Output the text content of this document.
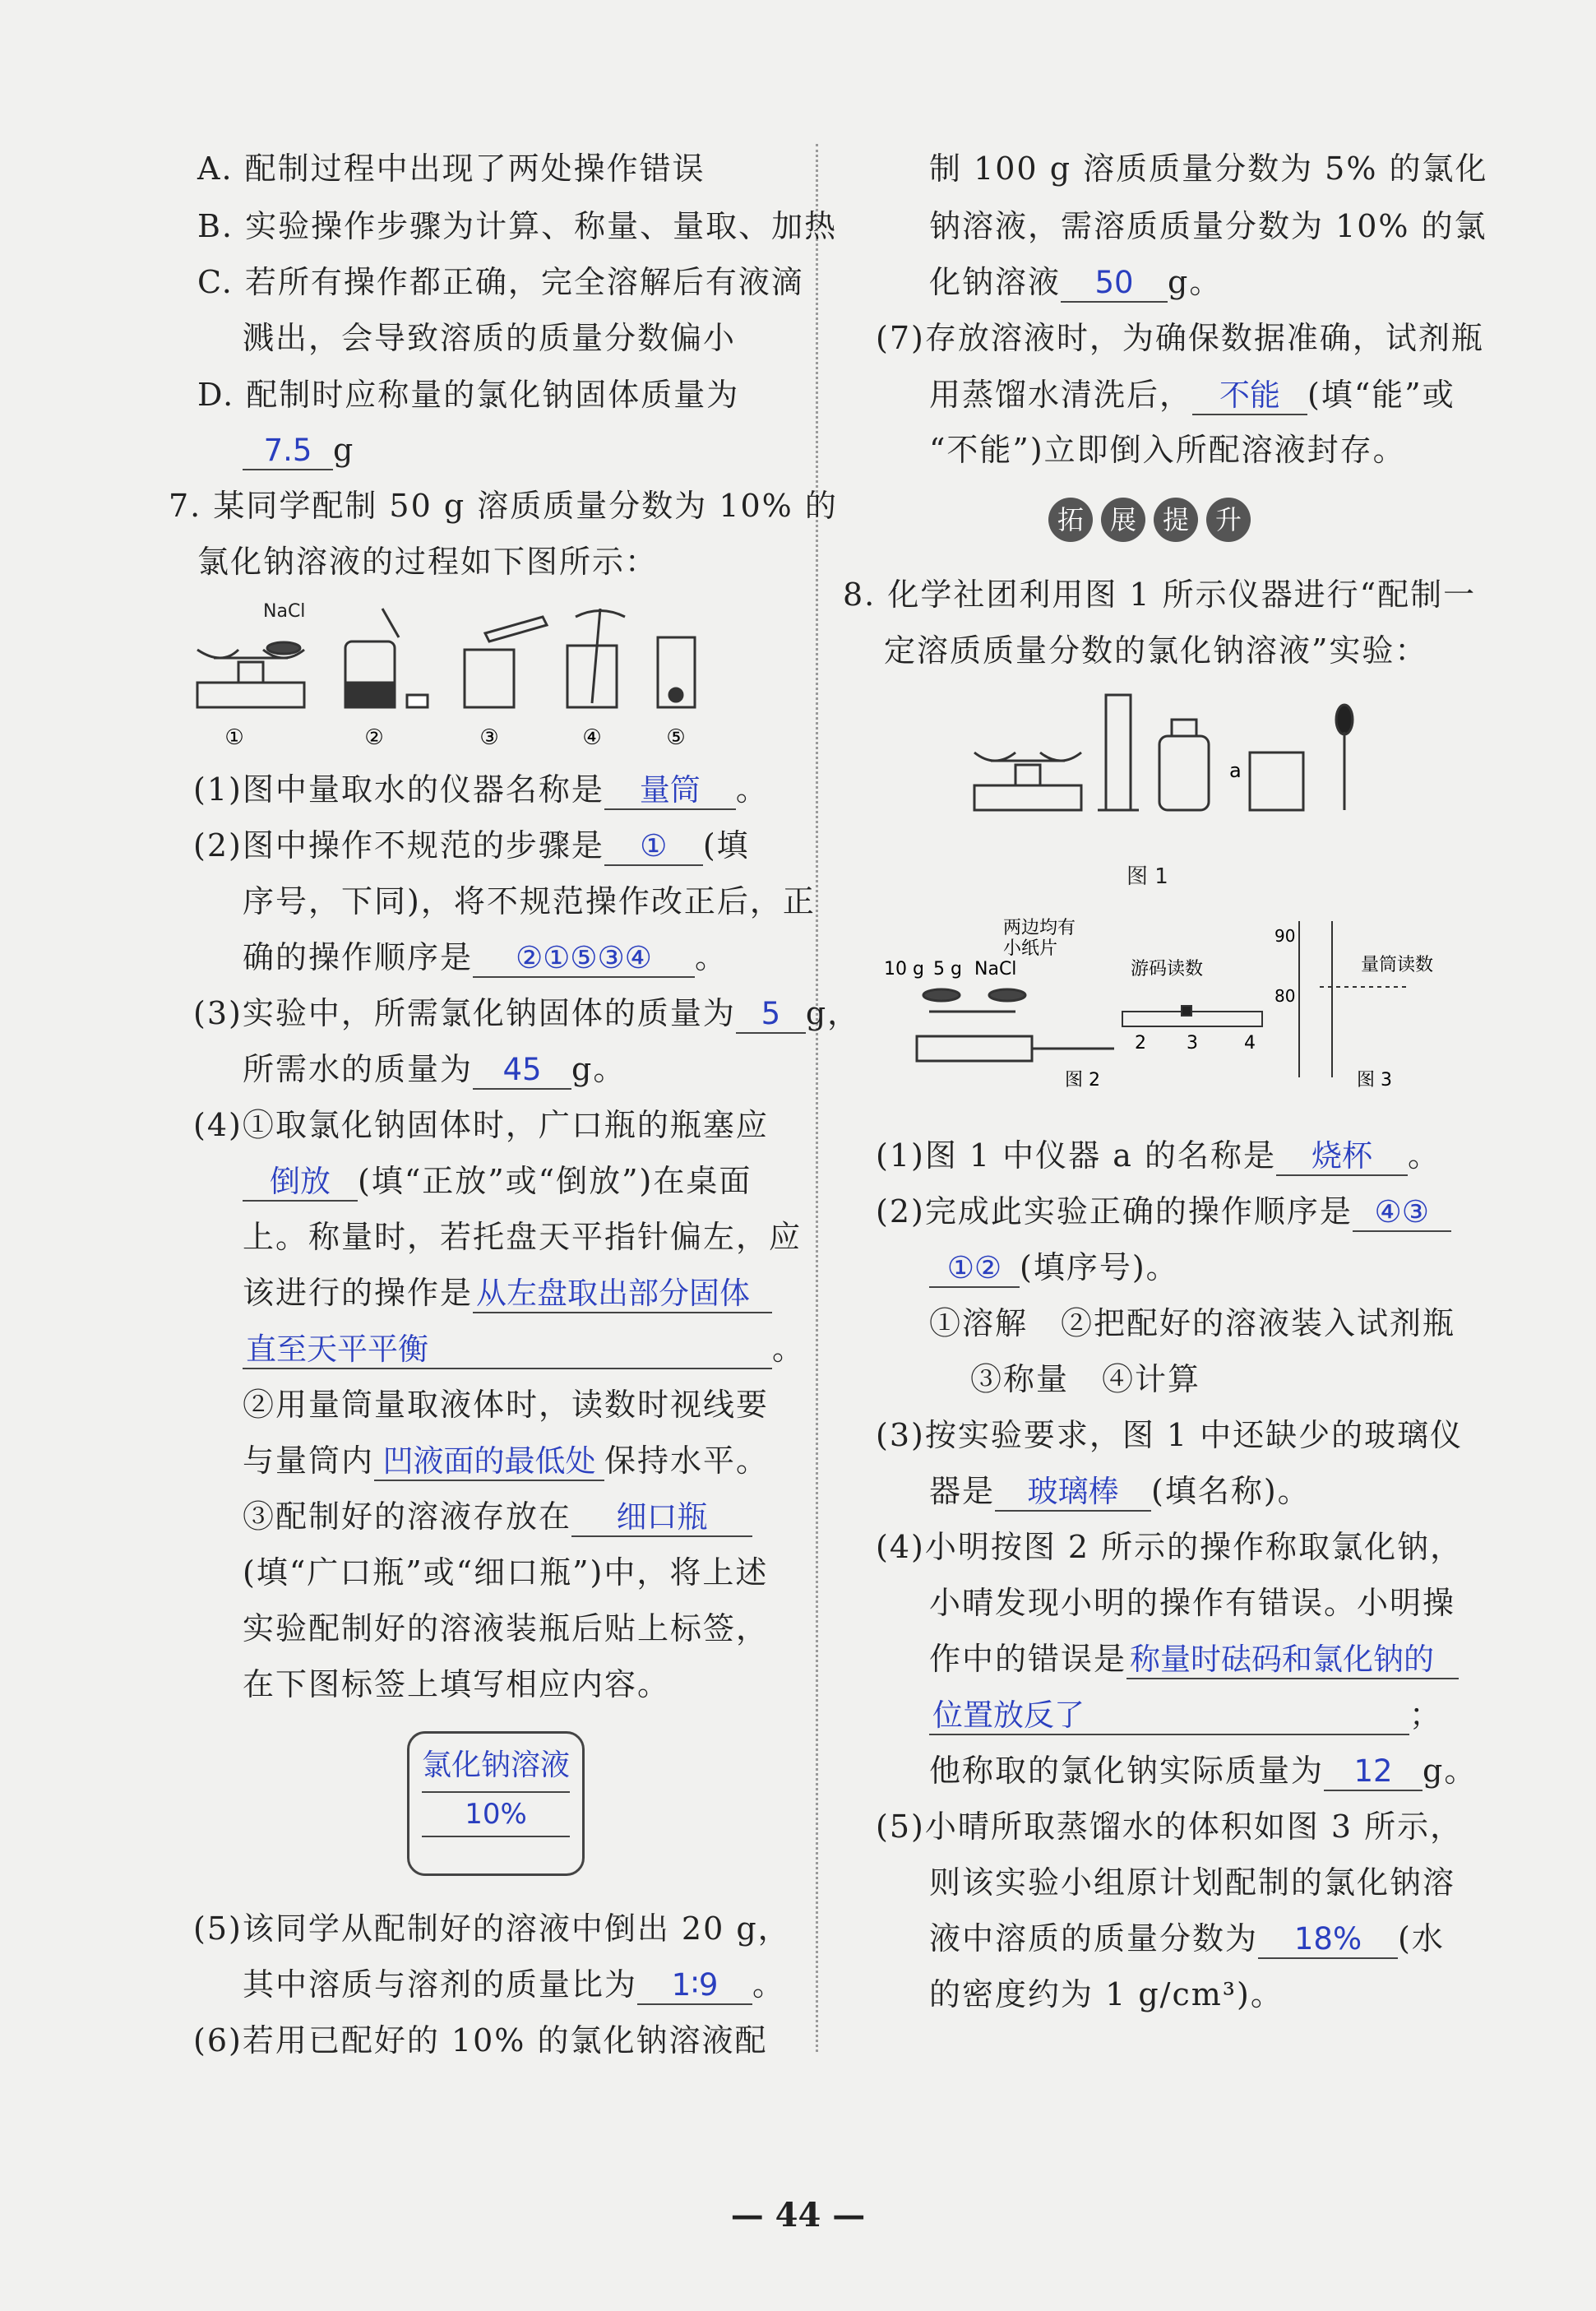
A. 配制过程中出现了两处操作错误
B. 实验操作步骤为计算、称量、量取、加热
C. 若所有操作都正确，完全溶解后有液滴
溅出，会导致溶质的质量分数偏小
D. 配制时应称量的氯化钠固体质量为
7.5 g
7. 某同学配制 50 g 溶质质量分数为 10% 的
氯化钠溶液的过程如下图所示：
NaCl
①	②	③	④	⑤
(1)图中量取水的仪器名称是 量筒 。
(2)图中操作不规范的步骤是 ① (填
序号，下同)，将不规范操作改正后，正
确的操作顺序是 ②①⑤③④ 。
(3)实验中，所需氯化钠固体的质量为 5 g，
所需水的质量为 45 g。
(4)①取氯化钠固体时，广口瓶的瓶塞应
倒放 (填“正放”或“倒放”)在桌面
上。称量时，若托盘天平指针偏左，应
该进行的操作是 从左盘取出部分固体
直至天平平衡	。
②用量筒量取液体时，读数时视线要
与量筒内 凹液面的最低处 保持水平。
③配制好的溶液存放在 细口瓶
(填“广口瓶”或“细口瓶”)中，将上述
实验配制好的溶液装瓶后贴上标签，
在下图标签上填写相应内容。
氯化钠溶液
10%
(5)该同学从配制好的溶液中倒出 20 g，
其中溶质与溶剂的质量比为 1∶9 。
(6)若用已配好的 10% 的氯化钠溶液配
制 100 g 溶质质量分数为 5% 的氯化
钠溶液，需溶质质量分数为 10% 的氯
化钠溶液 50 g。
(7)存放溶液时，为确保数据准确，试剂瓶
用蒸馏水清洗后， 不能 (填“能”或
“不能”)立即倒入所配溶液封存。
拓 展 提 升
8. 化学社团利用图 1 所示仪器进行“配制一
定溶质质量分数的氯化钠溶液”实验：
a
图 1
10 g 5 g NaCl
两边均有
小纸片
游码读数
2 3	4
90
80
量筒读数
图 2	图 3
(1)图 1 中仪器 a 的名称是 烧杯 。
(2)完成此实验正确的操作顺序是 ④③
①② (填序号)。
①溶解　②把配好的溶液装入试剂瓶
③称量　④计算
(3)按实验要求，图 1 中还缺少的玻璃仪
器是 玻璃棒 (填名称)。
(4)小明按图 2 所示的操作称取氯化钠，
小晴发现小明的操作有错误。小明操
作中的错误是 称量时砝码和氯化钠的
位置放反了	；
他称取的氯化钠实际质量为 12 g。
(5)小晴所取蒸馏水的体积如图 3 所示，
则该实验小组原计划配制的氯化钠溶
液中溶质的质量分数为 18% (水
的密度约为 1 g/cm³)。
— 44 —
